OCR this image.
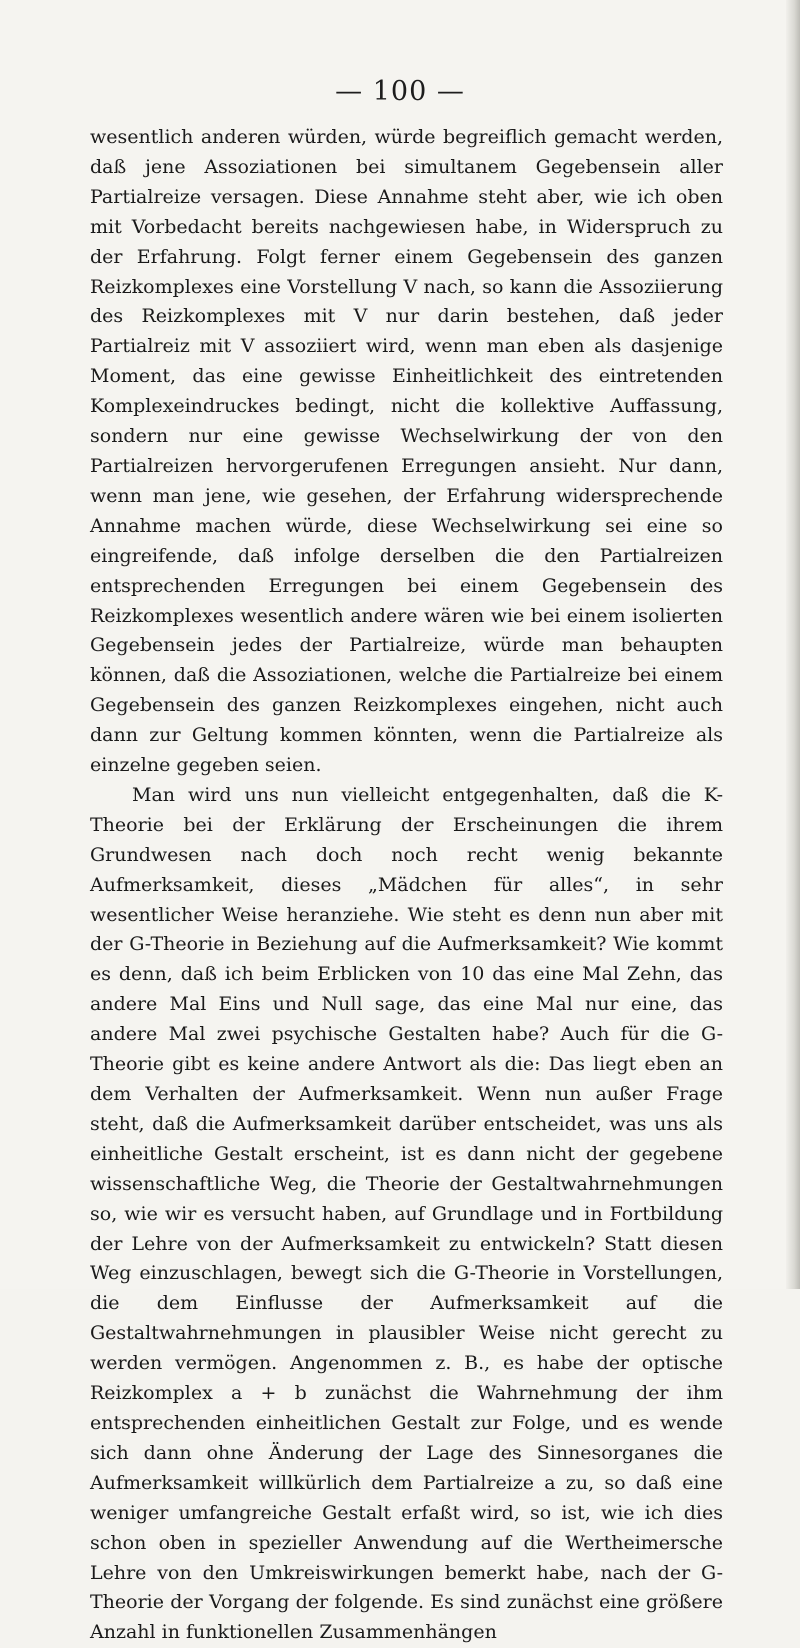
— 100 —

wesentlich anderen würden, würde begreiflich gemacht werden, daß jene Assoziationen bei simultanem Gegebensein aller Partialreize versagen. Diese Annahme steht aber, wie ich oben mit Vorbedacht bereits nachgewiesen habe, in Widerspruch zu der Erfahrung. Folgt ferner einem Gegebensein des ganzen Reizkomplexes eine Vorstellung V nach, so kann die Assoziierung des Reizkomplexes mit V nur darin bestehen, daß jeder Partialreiz mit V assoziiert wird, wenn man eben als dasjenige Moment, das eine gewisse Einheitlichkeit des eintretenden Komplexeindruckes bedingt, nicht die kollektive Auffassung, sondern nur eine gewisse Wechselwirkung der von den Partialreizen hervorgerufenen Erregungen ansieht. Nur dann, wenn man jene, wie gesehen, der Erfahrung widersprechende Annahme machen würde, diese Wechselwirkung sei eine so eingreifende, daß infolge derselben die den Partialreizen entsprechenden Erregungen bei einem Gegebensein des Reizkomplexes wesentlich andere wären wie bei einem isolierten Gegebensein jedes der Partialreize, würde man behaupten können, daß die Assoziationen, welche die Partialreize bei einem Gegebensein des ganzen Reizkomplexes eingehen, nicht auch dann zur Geltung kommen könnten, wenn die Partialreize als einzelne gegeben seien.

Man wird uns nun vielleicht entgegenhalten, daß die K-Theorie bei der Erklärung der Erscheinungen die ihrem Grundwesen nach doch noch recht wenig bekannte Aufmerksamkeit, dieses „Mädchen für alles“, in sehr wesentlicher Weise heranziehe. Wie steht es denn nun aber mit der G-Theorie in Beziehung auf die Aufmerksamkeit? Wie kommt es denn, daß ich beim Erblicken von 10 das eine Mal Zehn, das andere Mal Eins und Null sage, das eine Mal nur eine, das andere Mal zwei psychische Gestalten habe? Auch für die G-Theorie gibt es keine andere Antwort als die: Das liegt eben an dem Verhalten der Aufmerksamkeit. Wenn nun außer Frage steht, daß die Aufmerksamkeit darüber entscheidet, was uns als einheitliche Gestalt erscheint, ist es dann nicht der gegebene wissenschaftliche Weg, die Theorie der Gestaltwahrnehmungen so, wie wir es versucht haben, auf Grundlage und in Fortbildung der Lehre von der Aufmerksamkeit zu entwickeln? Statt diesen Weg einzuschlagen, bewegt sich die G-Theorie in Vorstellungen, die dem Einflusse der Aufmerksamkeit auf die Gestaltwahrnehmungen in plausibler Weise nicht gerecht zu werden vermögen. Angenommen z. B., es habe der optische Reizkomplex a + b zunächst die Wahrnehmung der ihm entsprechenden einheitlichen Gestalt zur Folge, und es wende sich dann ohne Änderung der Lage des Sinnesorganes die Aufmerksamkeit willkürlich dem Partialreize a zu, so daß eine weniger umfangreiche Gestalt erfaßt wird, so ist, wie ich dies schon oben in spezieller Anwendung auf die Wertheimersche Lehre von den Umkreiswirkungen bemerkt habe, nach der G-Theorie der Vorgang der folgende. Es sind zunächst eine größere Anzahl in funktionellen Zusammenhängen
